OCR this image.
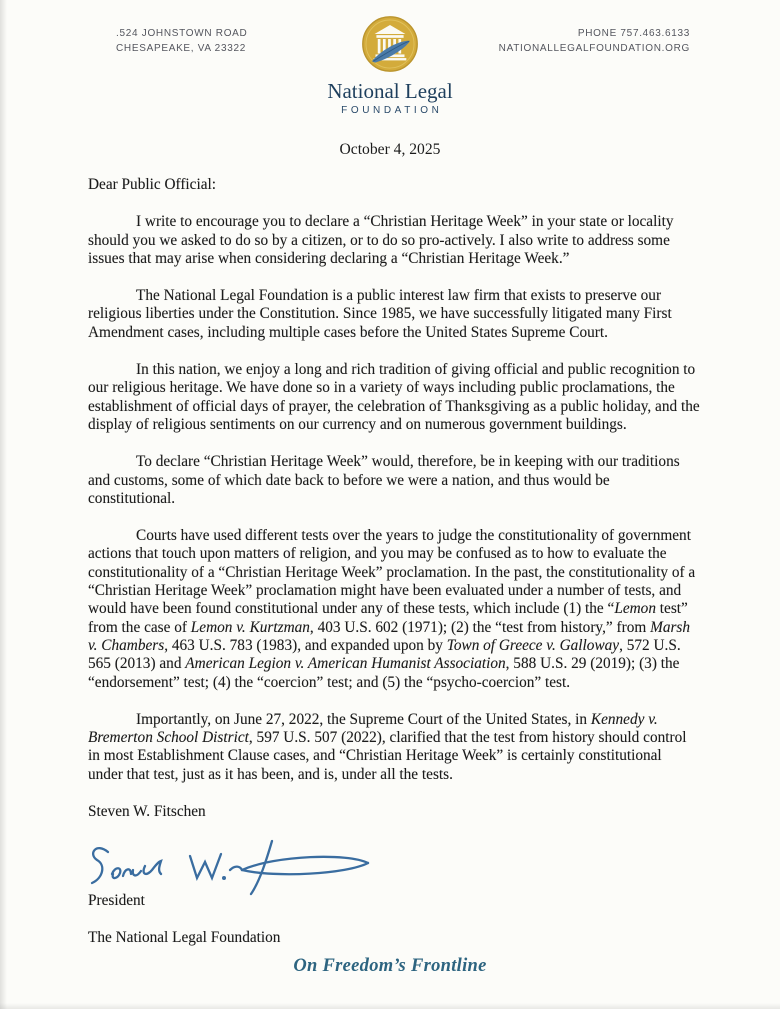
.524 JOHNSTOWN ROAD
CHESAPEAKE, VA 23322
PHONE 757.463.6133
NATIONALLEGALFOUNDATION.ORG
National Legal
FOUNDATION
October 4, 2025

Dear Public Official:

I write to encourage you to declare a “Christian Heritage Week” in your state or locality should you we asked to do so by a citizen, or to do so pro-actively. I also write to address some issues that may arise when considering declaring a “Christian Heritage Week.”

The National Legal Foundation is a public interest law firm that exists to preserve our religious liberties under the Constitution. Since 1985, we have successfully litigated many First Amendment cases, including multiple cases before the United States Supreme Court.

In this nation, we enjoy a long and rich tradition of giving official and public recognition to our religious heritage. We have done so in a variety of ways including public proclamations, the establishment of official days of prayer, the celebration of Thanksgiving as a public holiday, and the display of religious sentiments on our currency and on numerous government buildings.

To declare “Christian Heritage Week” would, therefore, be in keeping with our traditions and customs, some of which date back to before we were a nation, and thus would be constitutional.

Courts have used different tests over the years to judge the constitutionality of government actions that touch upon matters of religion, and you may be confused as to how to evaluate the constitutionality of a “Christian Heritage Week” proclamation. In the past, the constitutionality of a “Christian Heritage Week” proclamation might have been evaluated under a number of tests, and would have been found constitutional under any of these tests, which include (1) the “Lemon test” from the case of Lemon v. Kurtzman, 403 U.S. 602 (1971); (2) the “test from history,” from Marsh v. Chambers, 463 U.S. 783 (1983), and expanded upon by Town of Greece v. Galloway, 572 U.S. 565 (2013) and American Legion v. American Humanist Association, 588 U.S. 29 (2019); (3) the “endorsement” test; (4) the “coercion” test; and (5) the “psycho-coercion” test.

Importantly, on June 27, 2022, the Supreme Court of the United States, in Kennedy v. Bremerton School District, 597 U.S. 507 (2022), clarified that the test from history should control in most Establishment Clause cases, and “Christian Heritage Week” is certainly constitutional under that test, just as it has been, and is, under all the tests.

Steven W. Fitschen

President

The National Legal Foundation

On Freedom’s Frontline
